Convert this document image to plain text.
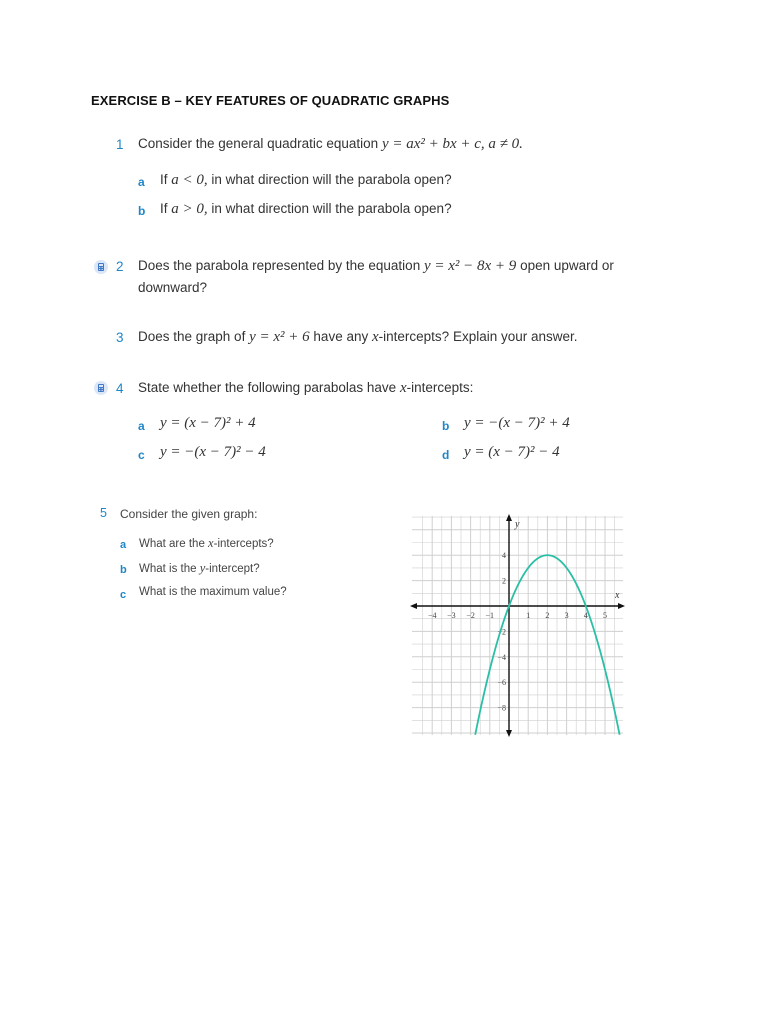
EXERCISE B – KEY FEATURES OF QUADRATIC GRAPHS
1 Consider the general quadratic equation y = ax² + bx + c, a ≠ 0.
a If a < 0, in what direction will the parabola open?
b If a > 0, in what direction will the parabola open?
2 Does the parabola represented by the equation y = x² − 8x + 9 open upward or
downward?
3 Does the graph of y = x² + 6 have any x-intercepts? Explain your answer.
4 State whether the following parabolas have x-intercepts:
a y = (x − 7)² + 4	b y = −(x − 7)² + 4
c y = −(x − 7)² − 4	d y = (x − 7)² − 4
5 Consider the given graph:
a What are the x-intercepts?
b What is the y-intercept?
c What is the maximum value?	x
y
−4 −3 −2 −1	1 2 3 4 5
4
2
−2
−4
−6
−8
